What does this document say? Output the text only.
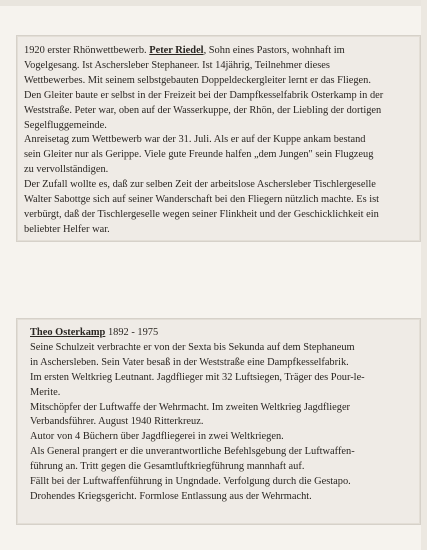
1920 erster Rhönwettbewerb. Peter Riedel, Sohn eines Pastors, wohnhaft im
Vogelgesang. Ist Aschersleber Stephaneer. Ist 14jährig, Teilnehmer dieses
Wettbewerbes. Mit seinem selbstgebauten Doppeldeckergleiter lernt er das Fliegen.
Den Gleiter baute er selbst in der Freizeit bei der Dampfkesselfabrik Osterkamp in der
Weststraße. Peter war, oben auf der Wasserkuppe, der Rhön, der Liebling der dortigen
Segelfluggemeinde.
Anreisetag zum Wettbewerb war der 31. Juli. Als er auf der Kuppe ankam bestand
sein Gleiter nur als Gerippe. Viele gute Freunde halfen „dem Jungen" sein Flugzeug
zu vervollständigen.
Der Zufall wollte es, daß zur selben Zeit der arbeitslose Aschersleber Tischlergeselle
Walter Sabottge sich auf seiner Wanderschaft bei den Fliegern nützlich machte. Es ist
verbürgt, daß der Tischlergeselle wegen seiner Flinkheit und der Geschicklichkeit ein
beliebter Helfer war.
Theo Osterkamp 1892 - 1975
Seine Schulzeit verbrachte er von der Sexta bis Sekunda auf dem Stephaneum
in Aschersleben. Sein Vater besaß in der Weststraße eine Dampfkesselfabrik.
Im ersten Weltkrieg Leutnant. Jagdflieger mit 32 Luftsiegen, Träger des Pour-le-
Merite.
Mitschöpfer der Luftwaffe der Wehrmacht. Im zweiten Weltkrieg Jagdflieger
Verbandsführer. August 1940 Ritterkreuz.
Autor von 4 Büchern über Jagdfliegerei in zwei Weltkriegen.
Als General prangert er die unverantwortliche Befehlsgebung der Luftwaffen-
führung an. Tritt gegen die Gesamtluftkriegführung mannhaft auf.
Fällt bei der Luftwaffenführung in Ungndade. Verfolgung durch die Gestapo.
Drohendes Kriegsgericht. Formlose Entlassung aus der Wehrmacht.
